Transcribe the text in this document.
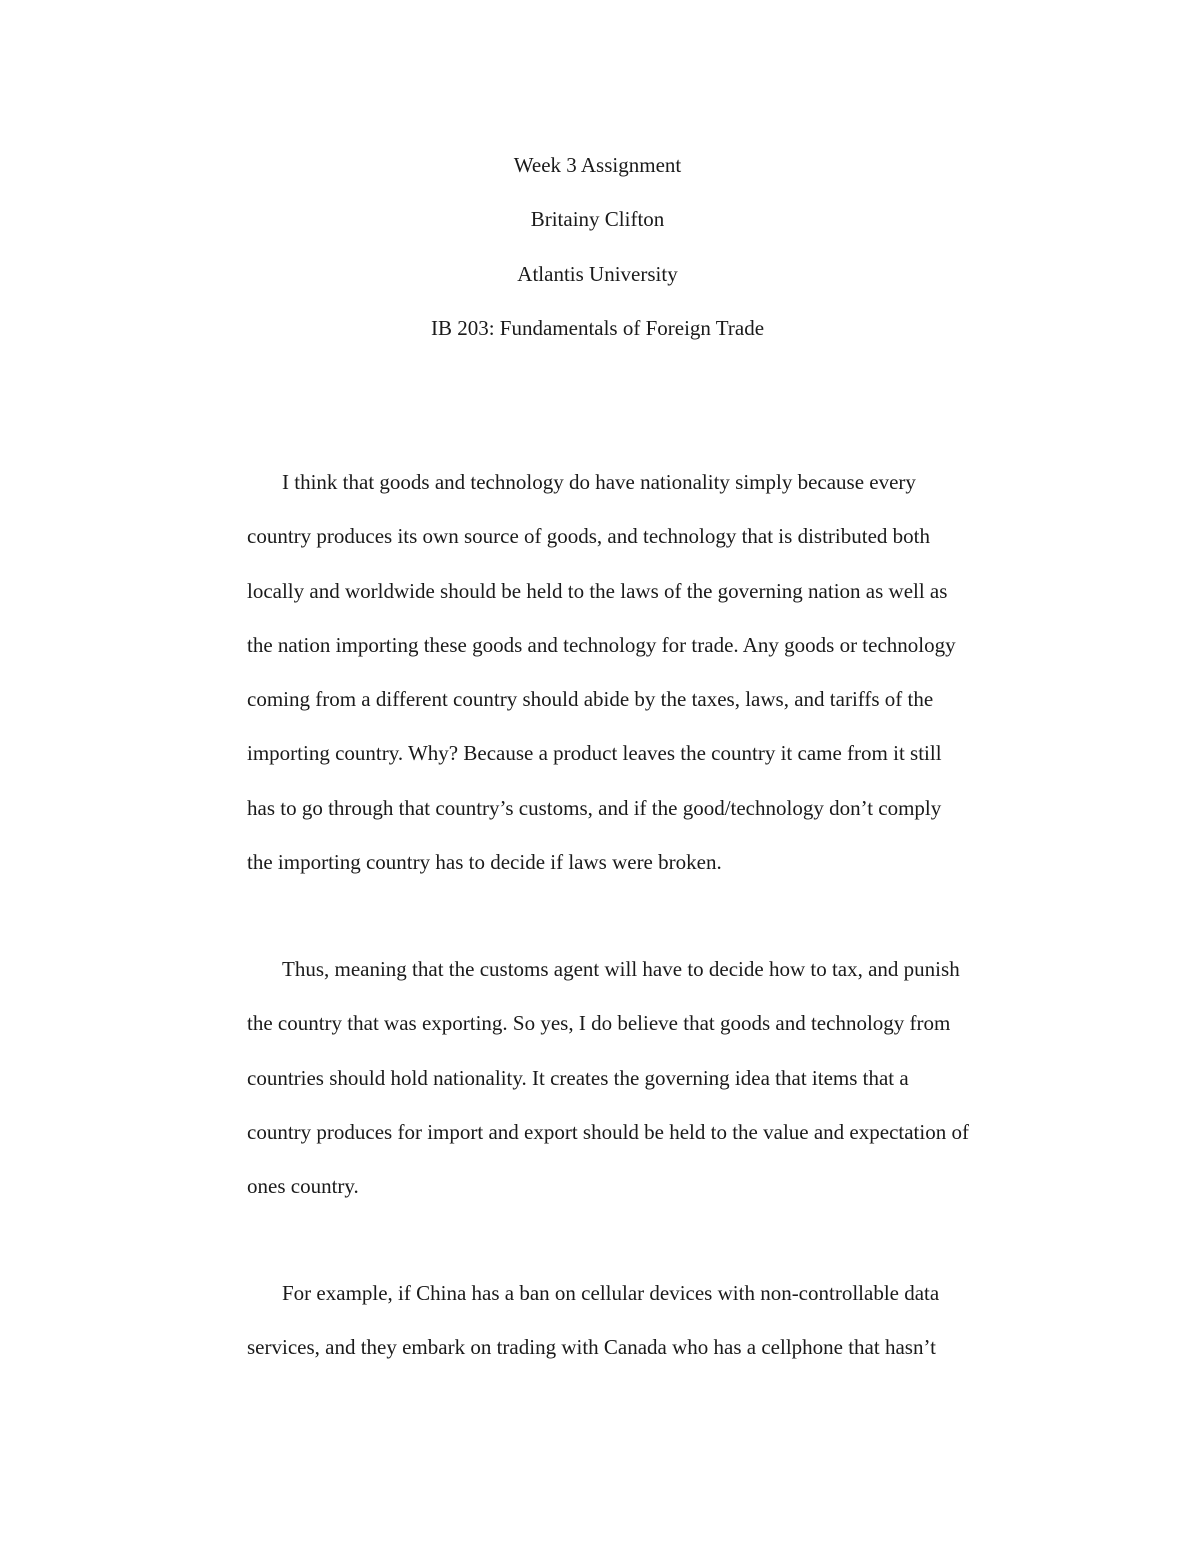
Week 3 Assignment
Britainy Clifton
Atlantis University
IB 203: Fundamentals of Foreign Trade
I think that goods and technology do have nationality simply because every
country produces its own source of goods, and technology that is distributed both
locally and worldwide should be held to the laws of the governing nation as well as
the nation importing these goods and technology for trade. Any goods or technology
coming from a different country should abide by the taxes, laws, and tariffs of the
importing country. Why? Because a product leaves the country it came from it still
has to go through that country’s customs, and if the good/technology don’t comply
the importing country has to decide if laws were broken.
Thus, meaning that the customs agent will have to decide how to tax, and punish
the country that was exporting. So yes, I do believe that goods and technology from
countries should hold nationality. It creates the governing idea that items that a
country produces for import and export should be held to the value and expectation of
ones country.
For example, if China has a ban on cellular devices with non-controllable data
services, and they embark on trading with Canada who has a cellphone that hasn’t
